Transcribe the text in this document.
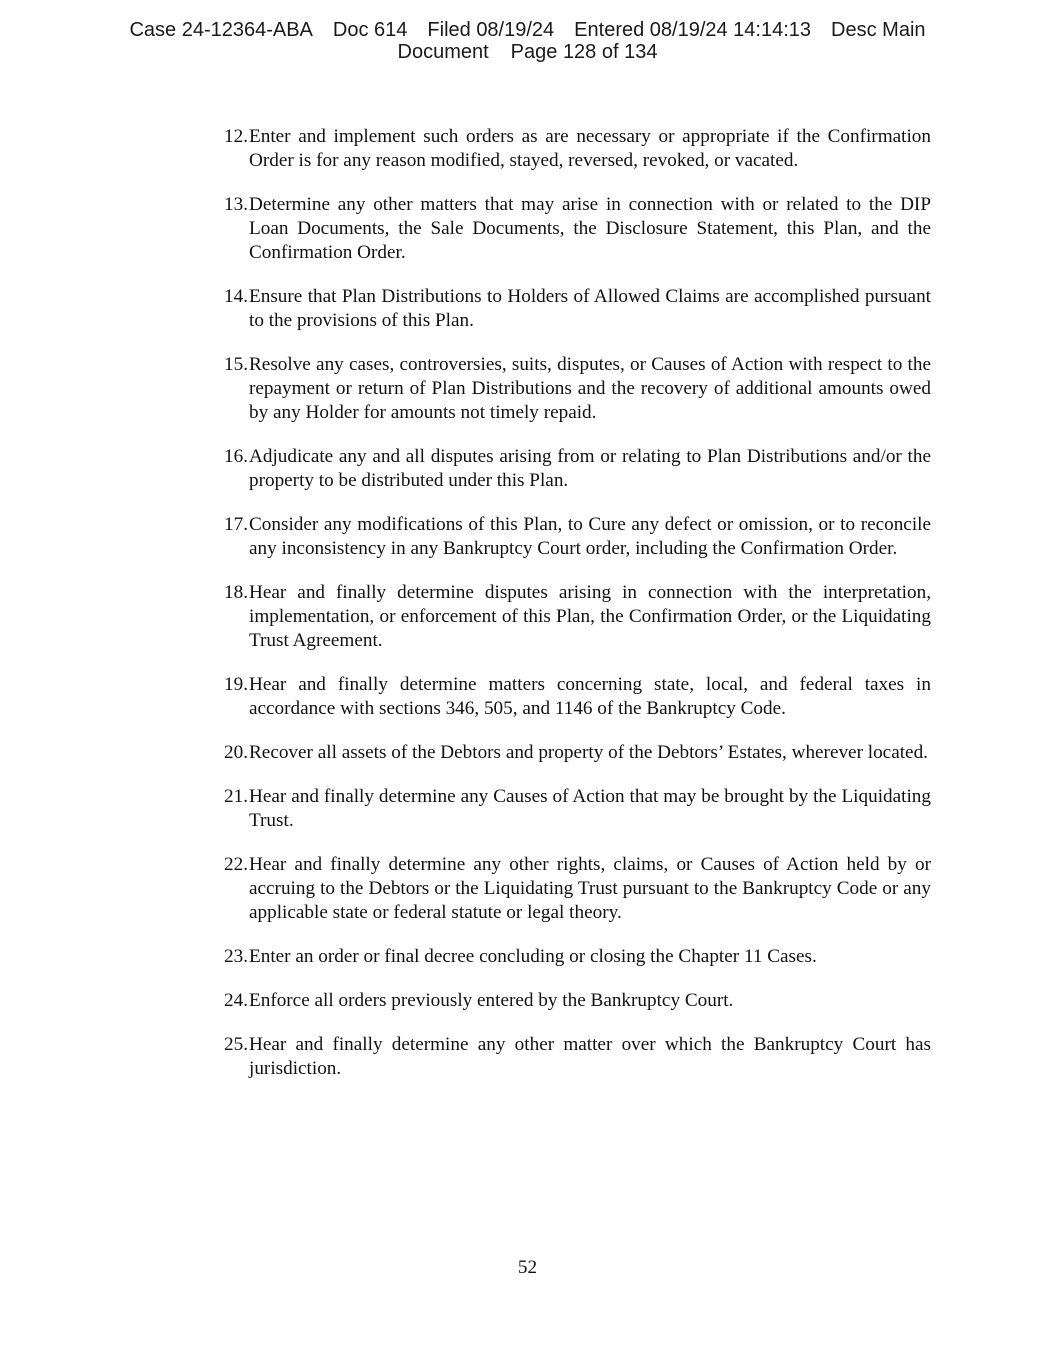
Case 24-12364-ABA Doc 614 Filed 08/19/24 Entered 08/19/24 14:14:13 Desc Main
Document Page 128 of 134
12. Enter and implement such orders as are necessary or appropriate if the Confirmation Order is for any reason modified, stayed, reversed, revoked, or vacated.
13. Determine any other matters that may arise in connection with or related to the DIP Loan Documents, the Sale Documents, the Disclosure Statement, this Plan, and the Confirmation Order.
14. Ensure that Plan Distributions to Holders of Allowed Claims are accomplished pursuant to the provisions of this Plan.
15. Resolve any cases, controversies, suits, disputes, or Causes of Action with respect to the repayment or return of Plan Distributions and the recovery of additional amounts owed by any Holder for amounts not timely repaid.
16. Adjudicate any and all disputes arising from or relating to Plan Distributions and/or the property to be distributed under this Plan.
17. Consider any modifications of this Plan, to Cure any defect or omission, or to reconcile any inconsistency in any Bankruptcy Court order, including the Confirmation Order.
18. Hear and finally determine disputes arising in connection with the interpretation, implementation, or enforcement of this Plan, the Confirmation Order, or the Liquidating Trust Agreement.
19. Hear and finally determine matters concerning state, local, and federal taxes in accordance with sections 346, 505, and 1146 of the Bankruptcy Code.
20. Recover all assets of the Debtors and property of the Debtors’ Estates, wherever located.
21. Hear and finally determine any Causes of Action that may be brought by the Liquidating Trust.
22. Hear and finally determine any other rights, claims, or Causes of Action held by or accruing to the Debtors or the Liquidating Trust pursuant to the Bankruptcy Code or any applicable state or federal statute or legal theory.
23. Enter an order or final decree concluding or closing the Chapter 11 Cases.
24. Enforce all orders previously entered by the Bankruptcy Court.
25. Hear and finally determine any other matter over which the Bankruptcy Court has jurisdiction.
52
